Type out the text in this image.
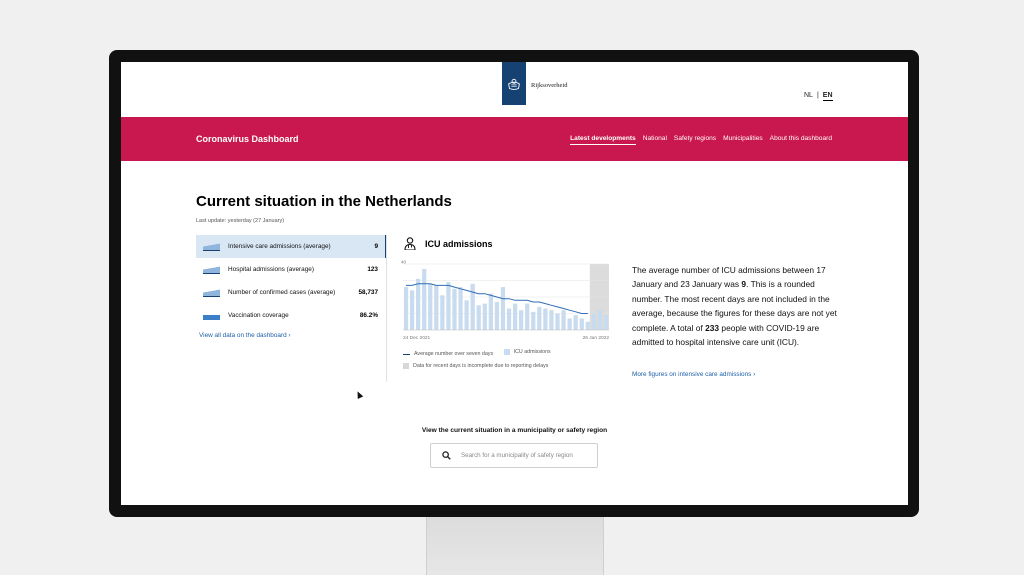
Rijksoverheid
NL | EN
Coronavirus Dashboard	Latest developments National Safety regions Municipalities About this dashboard
Current situation in the Netherlands
Last update: yesterday (27 January)
Intensive care admissions (average)	9
Hospital admissions (average)	123
Number of confirmed cases (average)	58,737
Vaccination coverage	86.2%
View all data on the dashboard ›
ICU admissions
40
24 Dec 2021	26 Jan 2022
Average number over seven days
	ICU admissions
Data for recent days is incomplete due to reporting delays
The average number of ICU admissions between 17 January and 23 January was 9. This is a rounded number. The most recent days are not included in the average, because the figures for these days are not yet complete. A total of 233 people with COVID-19 are admitted to hospital intensive care unit (ICU).
More figures on intensive care admissions ›
View the current situation in a municipality or safety region
Search for a municipality of safety region
